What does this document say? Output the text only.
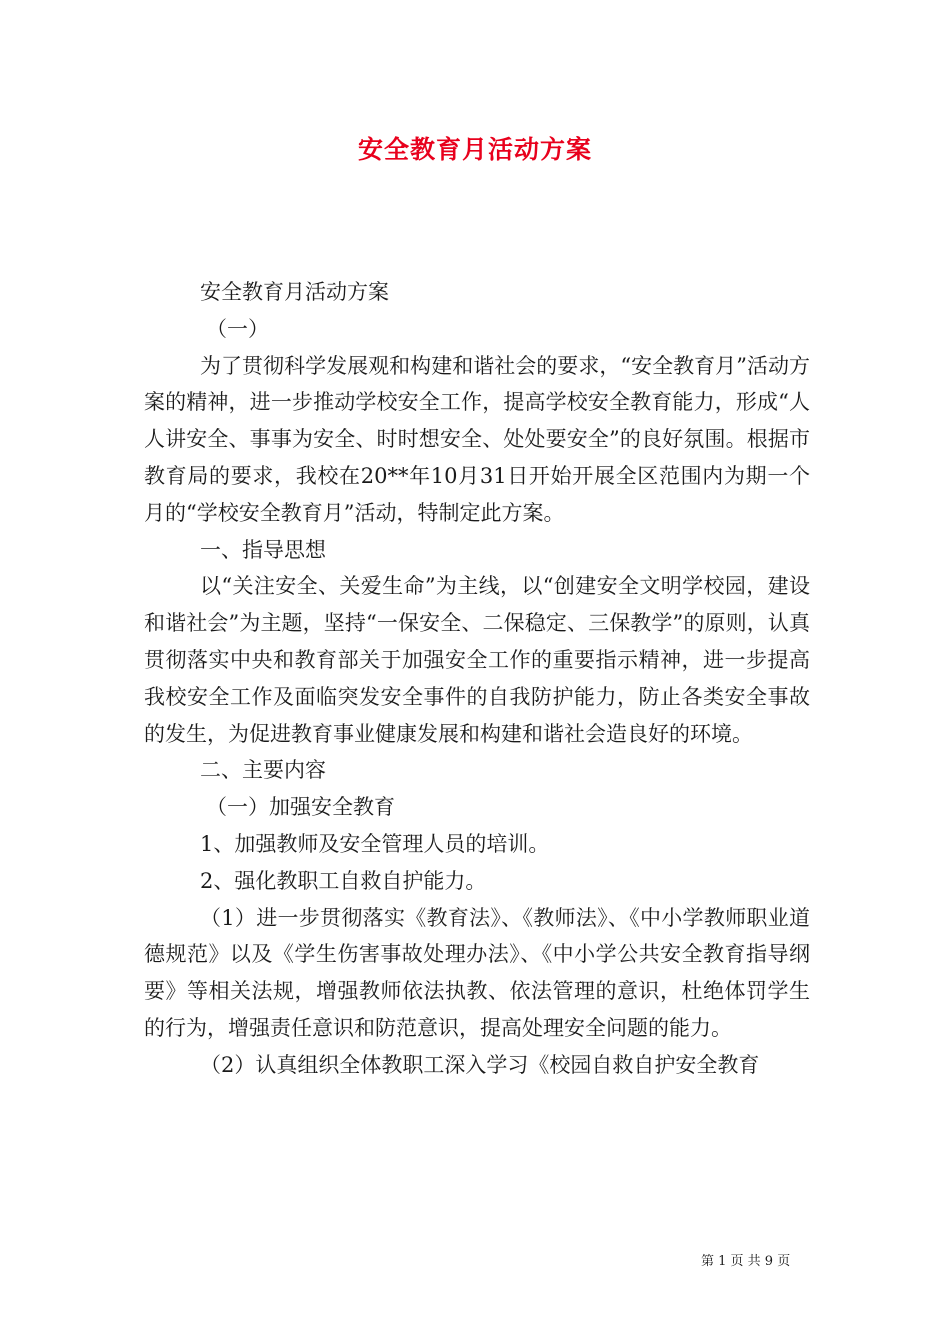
安全教育月活动方案
安全教育月活动方案
（一）

为了贯彻科学发展观和构建和谐社会的要求，“安全教育月”活动方案的精神，进一步推动学校安全工作，提高学校安全教育能力，形成“人人讲安全、事事为安全、时时想安全、处处要安全”的良好氛围。根据市教育局的要求，我校在20**年10月31日开始开展全区范围内为期一个月的“学校安全教育月”活动，特制定此方案。

一、指导思想

以“关注安全、关爱生命”为主线，以“创建安全文明学校园，建设和谐社会”为主题，坚持“一保安全、二保稳定、三保教学”的原则，认真贯彻落实中央和教育部关于加强安全工作的重要指示精神，进一步提高我校安全工作及面临突发安全事件的自我防护能力，防止各类安全事故的发生，为促进教育事业健康发展和构建和谐社会造良好的环境。

二、主要内容
（一）加强安全教育
1、加强教师及安全管理人员的培训。
2、强化教职工自救自护能力。

（1）进一步贯彻落实《教育法》、《教师法》、《中小学教师职业道德规范》以及《学生伤害事故处理办法》、《中小学公共安全教育指导纲要》等相关法规，增强教师依法执教、依法管理的意识，杜绝体罚学生的行为，增强责任意识和防范意识，提高处理安全问题的能力。

（2）认真组织全体教职工深入学习《校园自救自护安全教育

第 1 页 共 9 页
